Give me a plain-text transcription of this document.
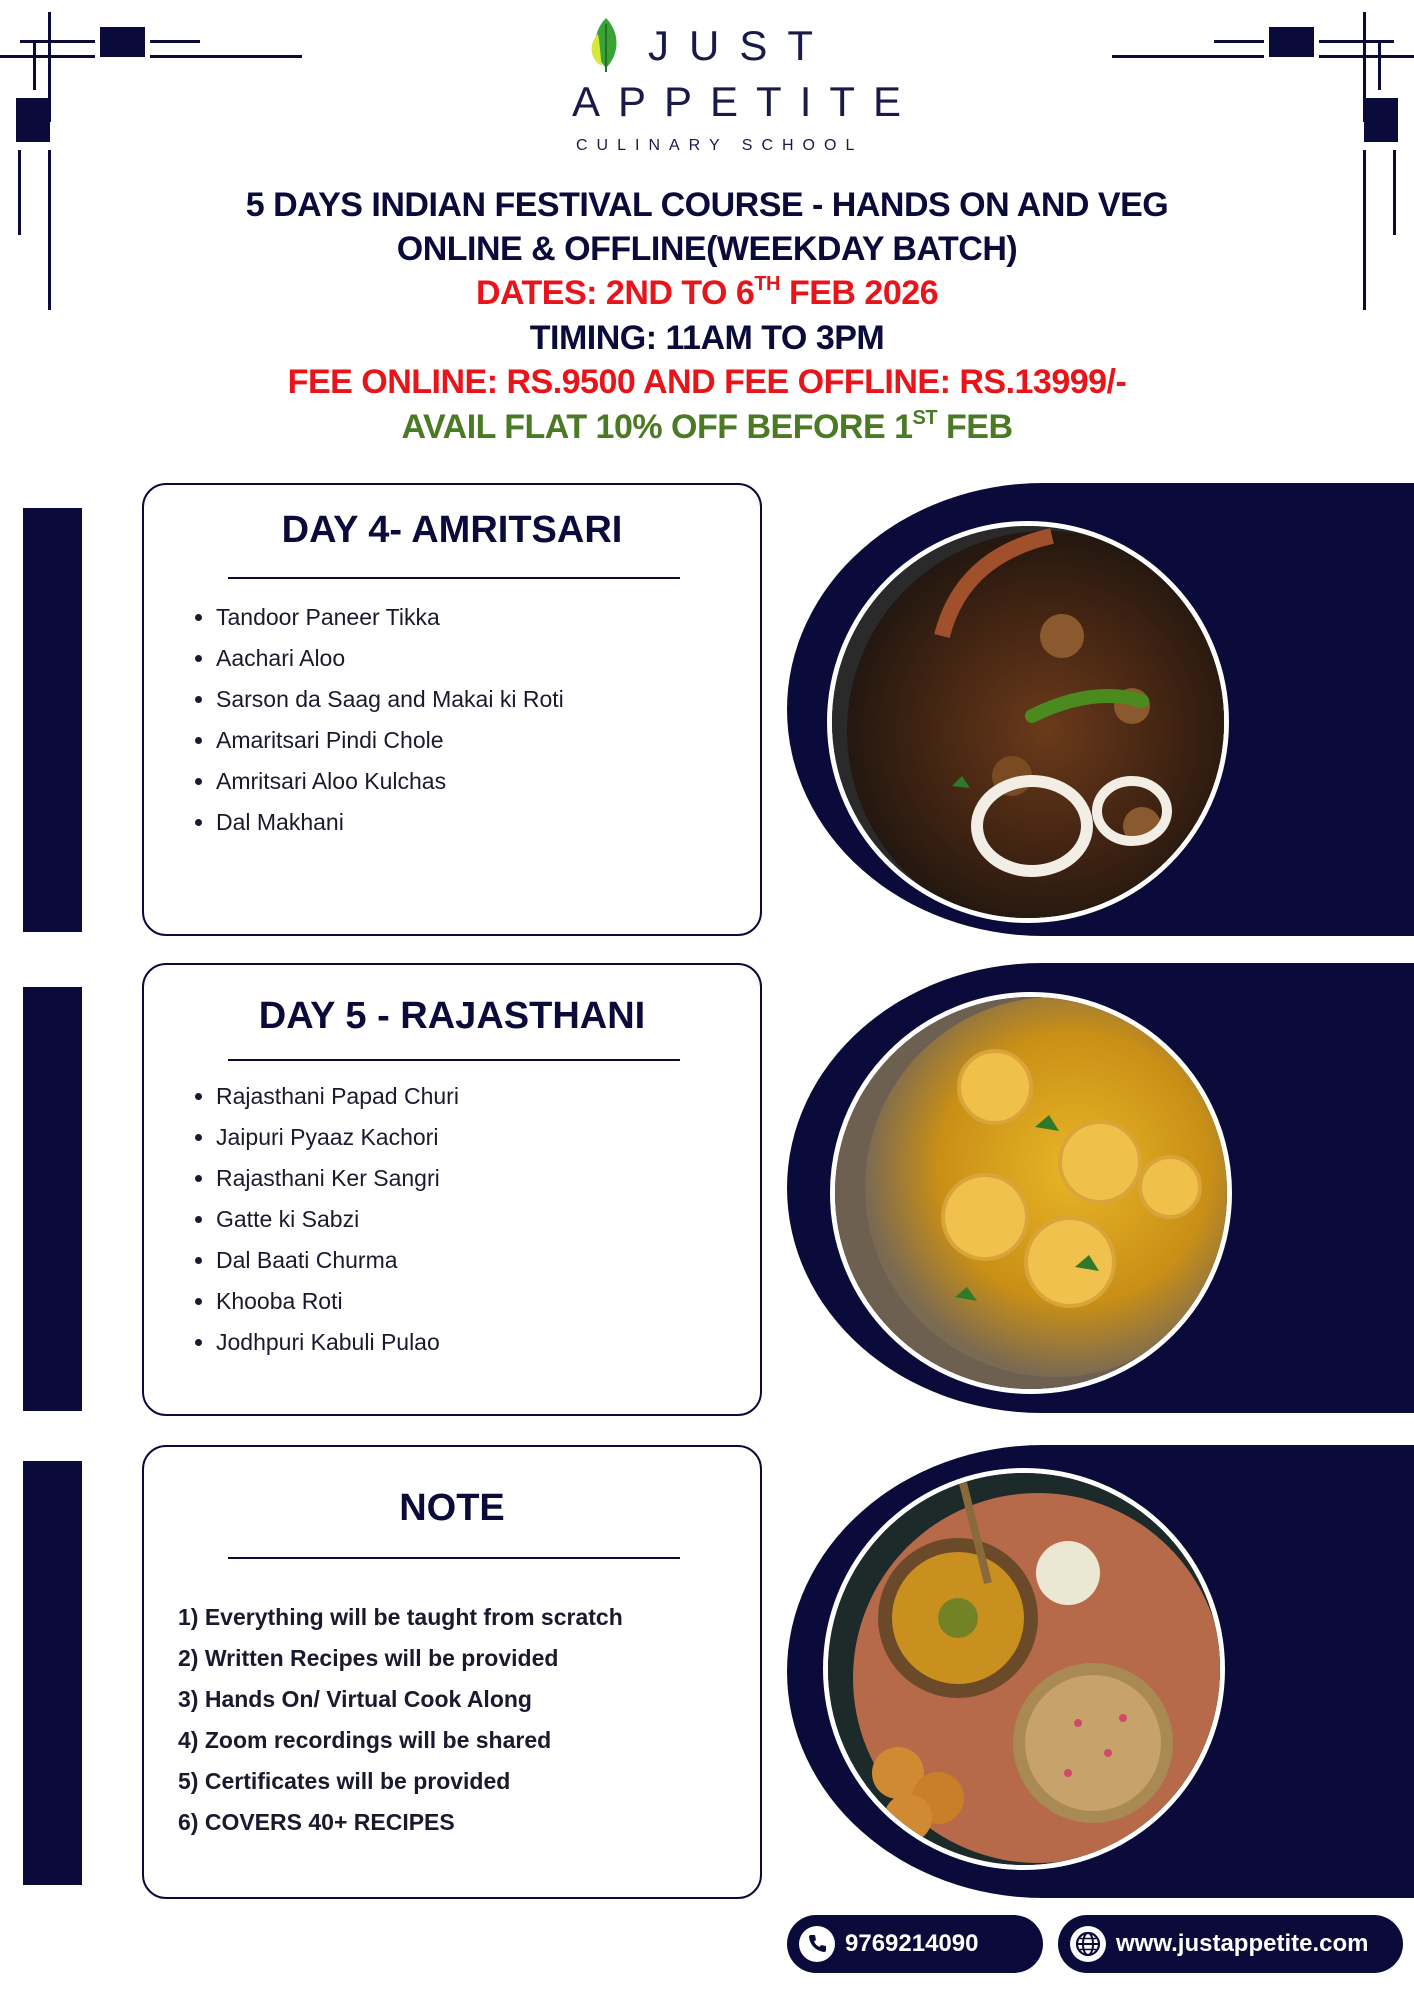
JUST
APPETITE
CULINARY SCHOOL
5 DAYS INDIAN FESTIVAL COURSE - HANDS ON AND VEG
ONLINE & OFFLINE(WEEKDAY BATCH)
DATES: 2ND TO 6TH FEB 2026
TIMING: 11AM TO 3PM
FEE ONLINE: RS.9500 AND FEE OFFLINE: RS.13999/-
AVAIL FLAT 10% OFF BEFORE 1ST FEB
DAY 4- AMRITSARI
• Tandoor Paneer Tikka
• Aachari Aloo
• Sarson da Saag and Makai ki Roti
• Amaritsari Pindi Chole
• Amritsari Aloo Kulchas
• Dal Makhani
DAY 5 - RAJASTHANI
• Rajasthani Papad Churi
• Jaipuri Pyaaz Kachori
• Rajasthani Ker Sangri
• Gatte ki Sabzi
• Dal Baati Churma
• Khooba Roti
• Jodhpuri Kabuli Pulao
NOTE
1) Everything will be taught from scratch
2) Written Recipes will be provided
3) Hands On/ Virtual Cook Along
4) Zoom recordings will be shared
5) Certificates will be provided
6) COVERS 40+ RECIPES
9769214090	www.justappetite.com
